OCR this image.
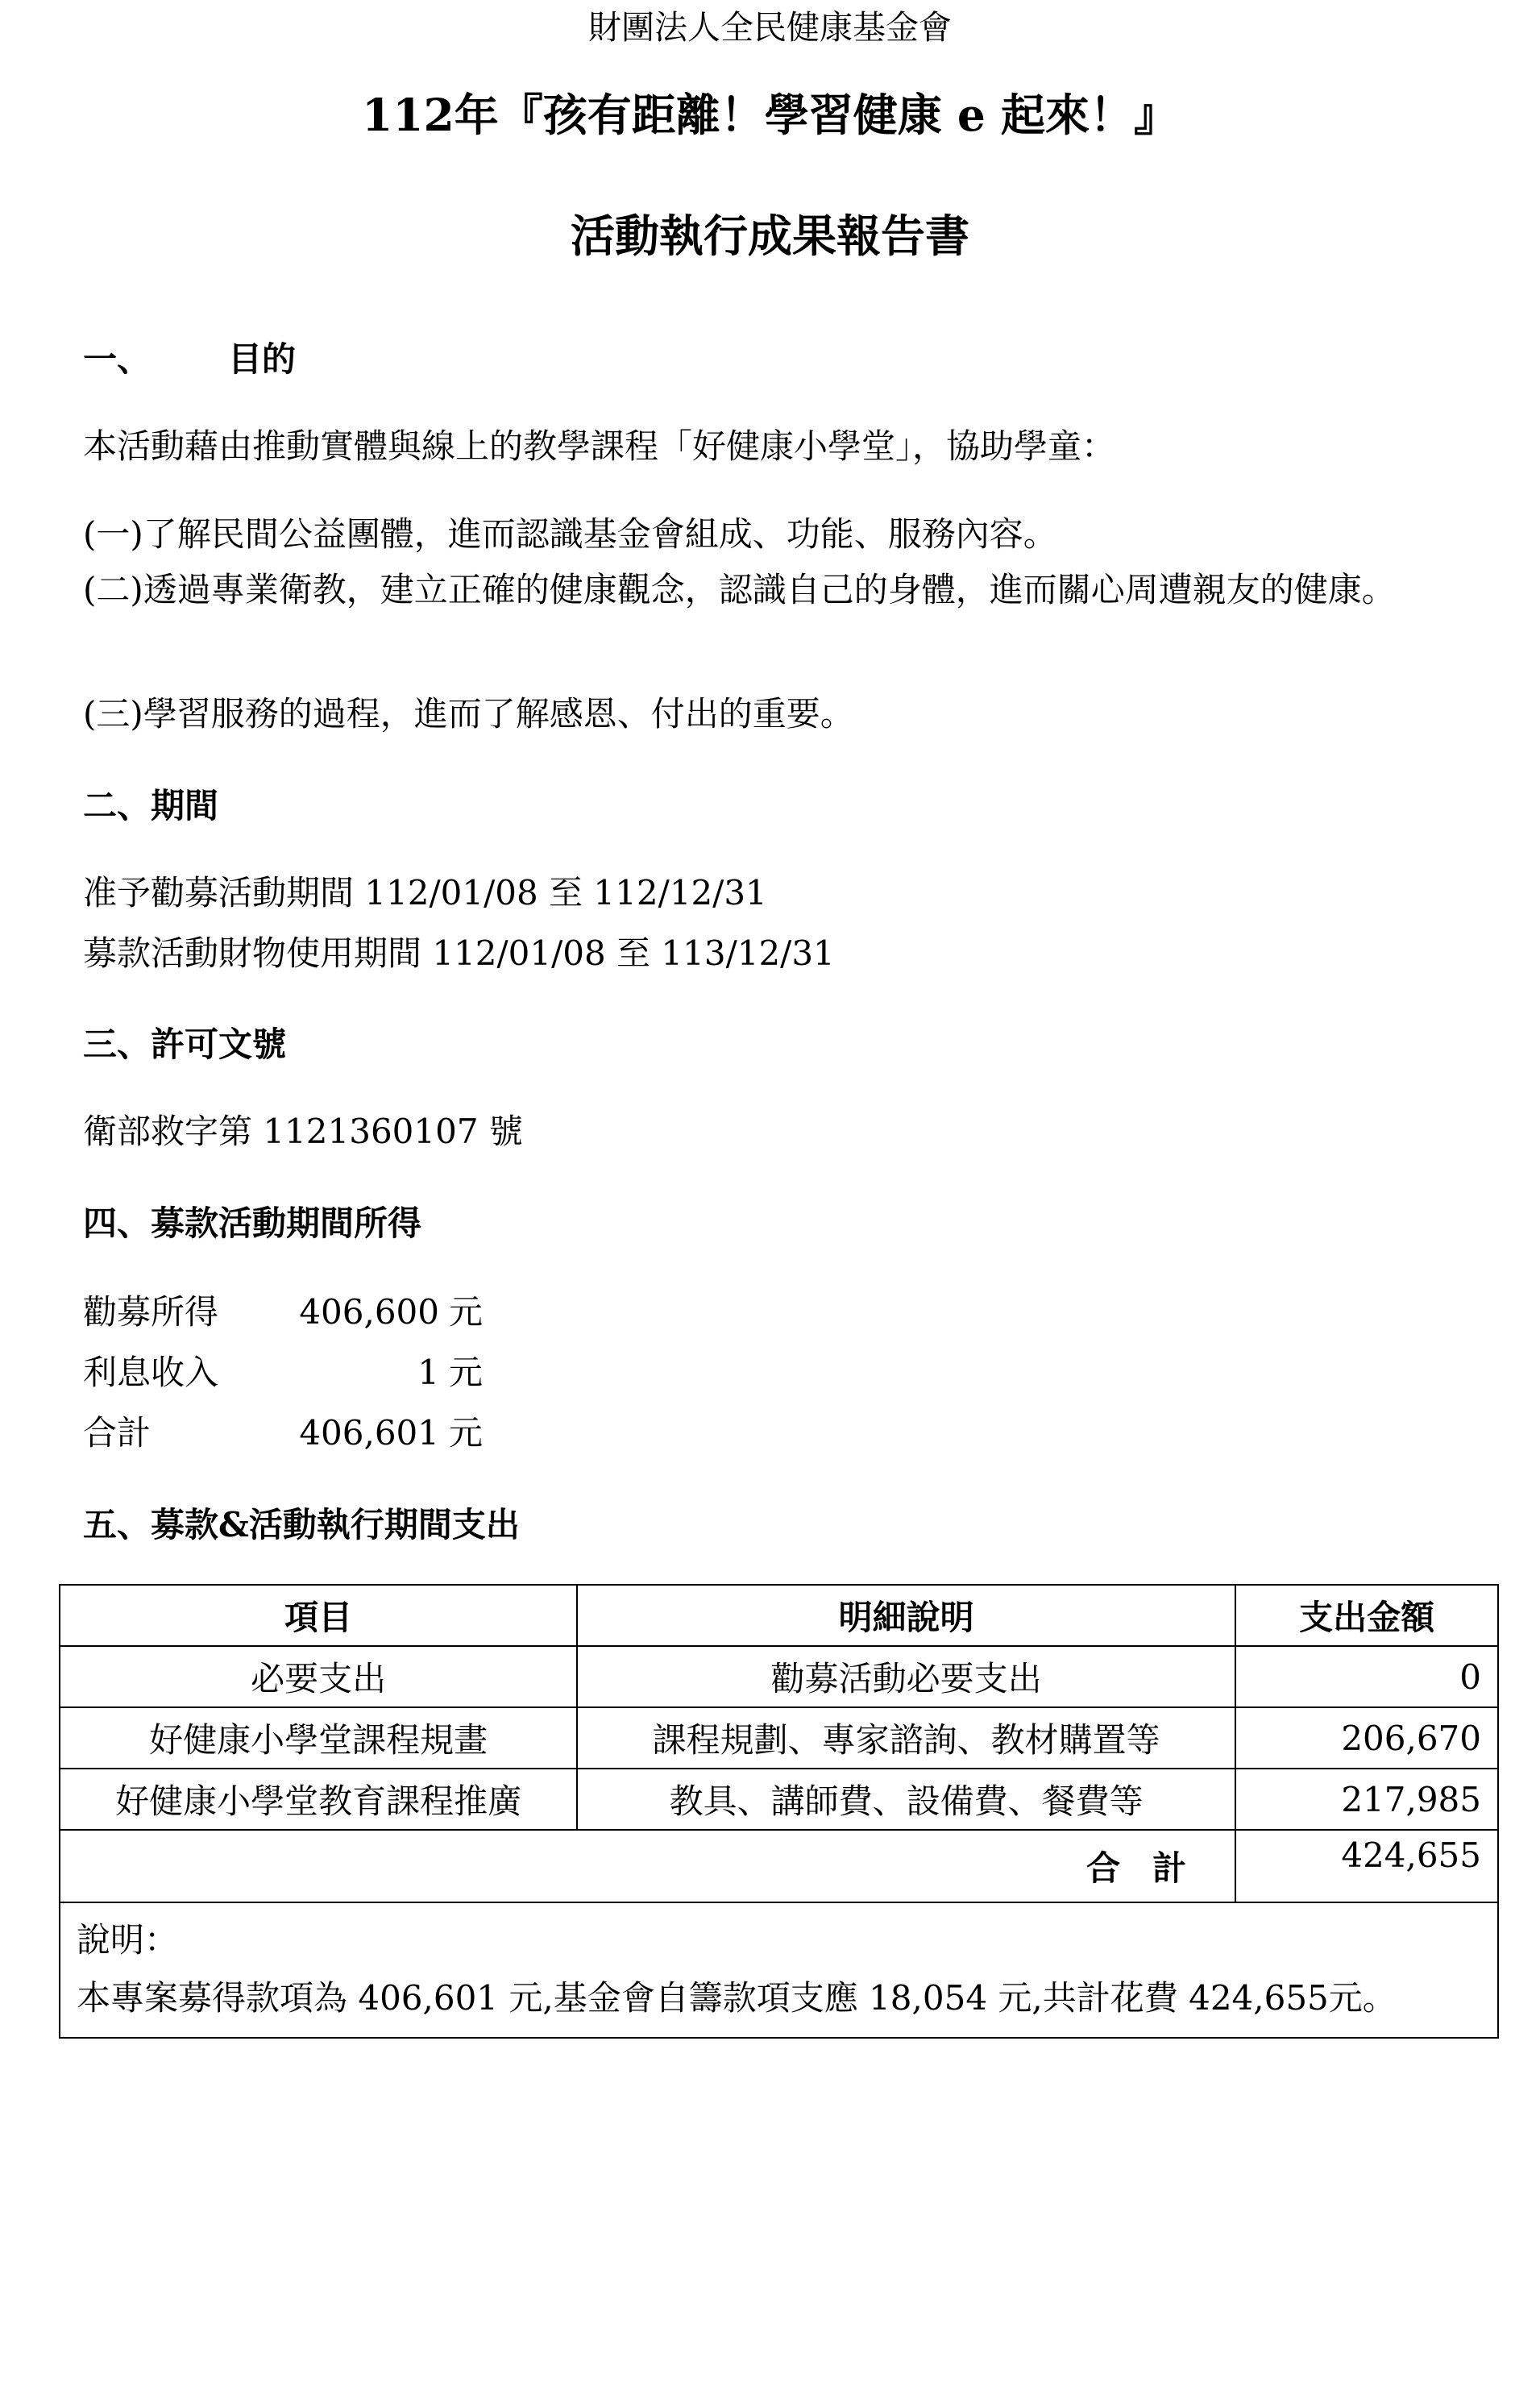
財團法人全民健康基金會
112年『孩有距離！學習健康 e 起來！』
活動執行成果報告書
一、 目的
本活動藉由推動實體與線上的教學課程「好健康小學堂」，協助學童：
(一)了解民間公益團體，進而認識基金會組成、功能、服務內容。
(二)透過專業衛教，建立正確的健康觀念，認識自己的身體，進而關心周遭親友的健康。
(三)學習服務的過程，進而了解感恩、付出的重要。
二、期間
准予勸募活動期間 112/01/08 至 112/12/31
募款活動財物使用期間 112/01/08 至 113/12/31
三、許可文號
衛部救字第 1121360107 號
四、募款活動期間所得
勸募所得 406,600 元
利息收入	1 元
合計	406,601 元
五、募款&活動執行期間支出
項目	明細說明	支出金額
必要支出	勸募活動必要支出	0
好健康小學堂課程規畫	課程規劃、專家諮詢、教材購置等	206,670
好健康小學堂教育課程推廣	教具、講師費、設備費、餐費等	217,985
合計		424,655

說明：
本專案募得款項為 406,601 元,基金會自籌款項支應 18,054 元,共計花費 424,655元。		
